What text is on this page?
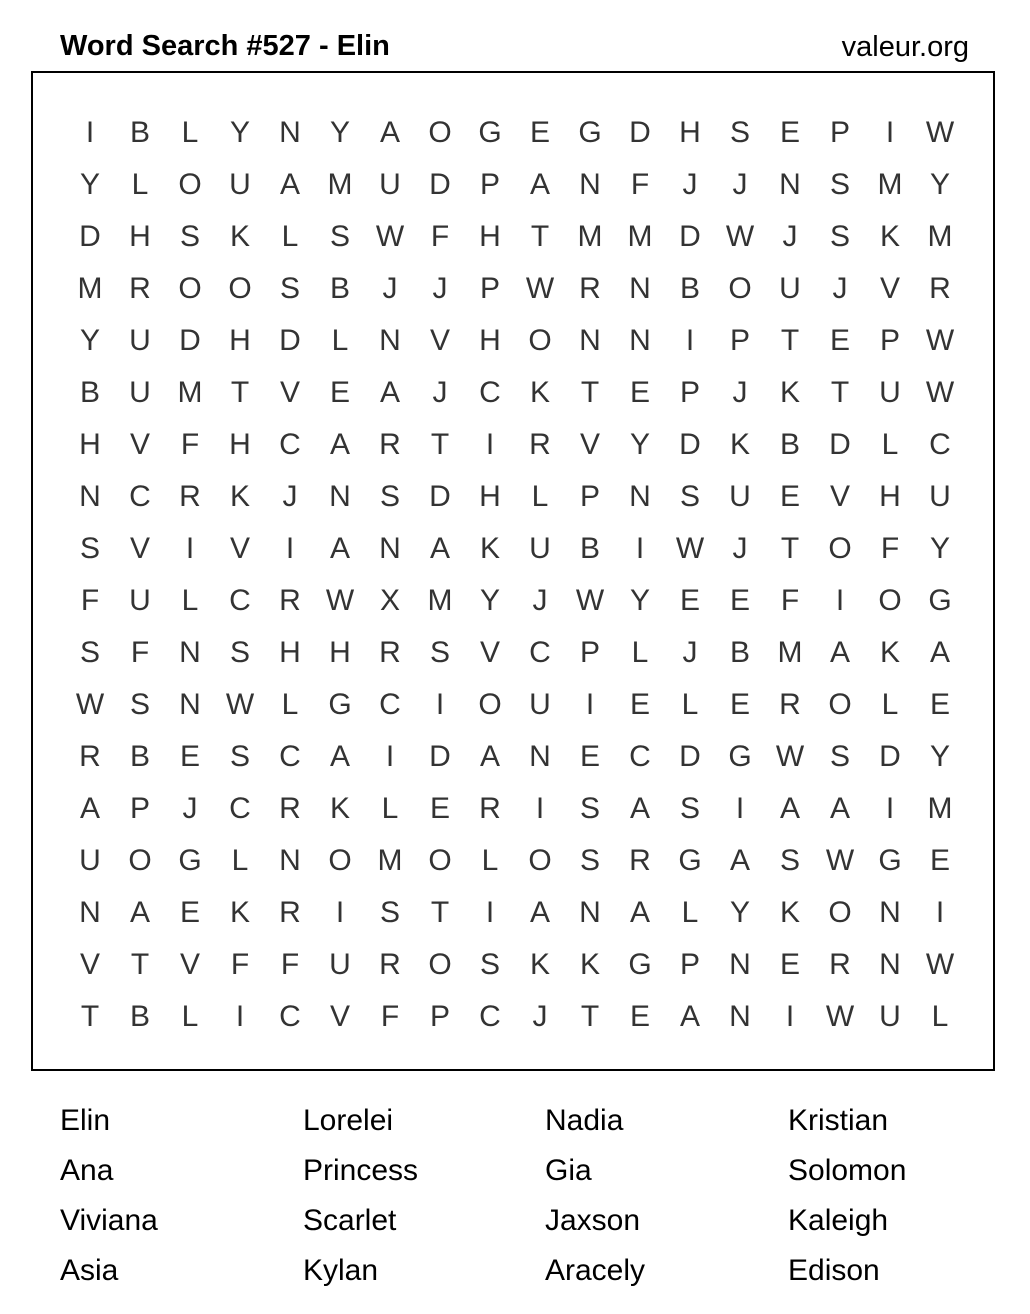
Word Search #527 - Elin	valeur.org
I	B	L	Y N Y A O G E G D H S E P	I	W
Y	L O U A M U D P A N	F	J	J	N S M Y
D H S K	L	S W F	H	T M M D W J	S K M
M R O O S B	J	J	P W R N B O U	J	V R
Y U D H D	L	N V H O N N	I	P	T	E P W
B U M T	V E A	J	C K	T	E P	J	K	T	U W
H V	F	H C A R	T	I	R V Y D K B D	L	C
N C R K	J	N S D H	L	P N S U E V H U
S V	I	V	I	A N A K U B	I	W J	T O F	Y
F	U	L	C R W X M Y	J W Y E E	F	I	O G
S	F	N S H H R S V C P	L	J	B M A K A
W S N W L G C	I	O U	I	E	L	E R O L	E
R B E S C A	I	D A N E C D G W S D Y
A P	J	C R K	L	E R	I	S A S	I	A A	I	M
U O G L	N O M O L O S R G A S W G E
N A E K R	I	S	T	I	A N A	L	Y K O N	I
V	T	V	F	F	U R O S K K G P N E R N W
T	B	L	I	C V	F	P C	J	T	E A N	I	W U	L
Elin	Lorelei	Nadia	Kristian
Ana	Princess	Gia	Solomon
Viviana	Scarlet	Jaxson	Kaleigh
Asia	Kylan	Aracely	Edison
